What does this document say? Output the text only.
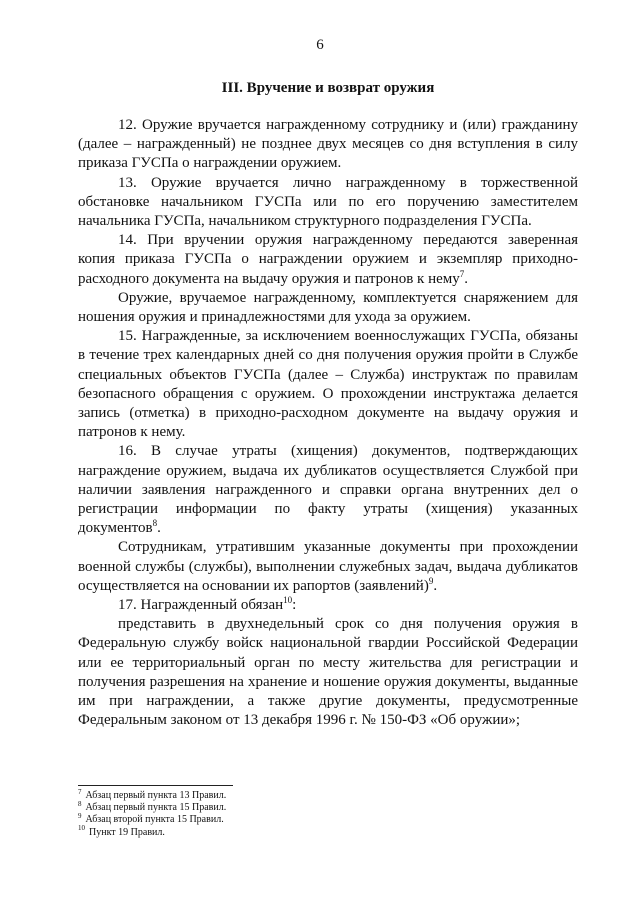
6
III. Вручение и возврат оружия

12. Оружие вручается награжденному сотруднику и (или) гражданину (далее – награжденный) не позднее двух месяцев со дня вступления в силу приказа ГУСПа о награждении оружием.

13. Оружие вручается лично награжденному в торжественной обстановке начальником ГУСПа или по его поручению заместителем начальника ГУСПа, начальником структурного подразделения ГУСПа.

14. При вручении оружия награжденному передаются заверенная копия приказа ГУСПа о награждении оружием и экземпляр приходно-расходного документа на выдачу оружия и патронов к нему$^7$.

Оружие, вручаемое награжденному, комплектуется снаряжением для ношения оружия и принадлежностями для ухода за оружием.

15. Награжденные, за исключением военнослужащих ГУСПа, обязаны в течение трех календарных дней со дня получения оружия пройти в Службе специальных объектов ГУСПа (далее – Служба) инструктаж по правилам безопасного обращения с оружием. О прохождении инструктажа делается запись (отметка) в приходно-расходном документе на выдачу оружия и патронов к нему.

16. В случае утраты (хищения) документов, подтверждающих награждение оружием, выдача их дубликатов осуществляется Службой при наличии заявления награжденного и справки органа внутренних дел о регистрации информации по факту утраты (хищения) указанных документов$^8$.

Сотрудникам, утратившим указанные документы при прохождении военной службы (службы), выполнении служебных задач, выдача дубликатов осуществляется на основании их рапортов (заявлений)$^9$.

17. Награжденный обязан$^{10}$:

представить в двухнедельный срок со дня получения оружия в Федеральную службу войск национальной гвардии Российской Федерации или ее территориальный орган по месту жительства для регистрации и получения разрешения на хранение и ношение оружия документы, выданные им при награждении, а также другие документы, предусмотренные Федеральным законом от 13 декабря 1996 г. № 150-ФЗ «Об оружии»;

$^7$ Абзац первый пункта 13 Правил.
$^8$ Абзац первый пункта 15 Правил.
$^9$ Абзац второй пункта 15 Правил.
$^{10}$ Пункт 19 Правил.
